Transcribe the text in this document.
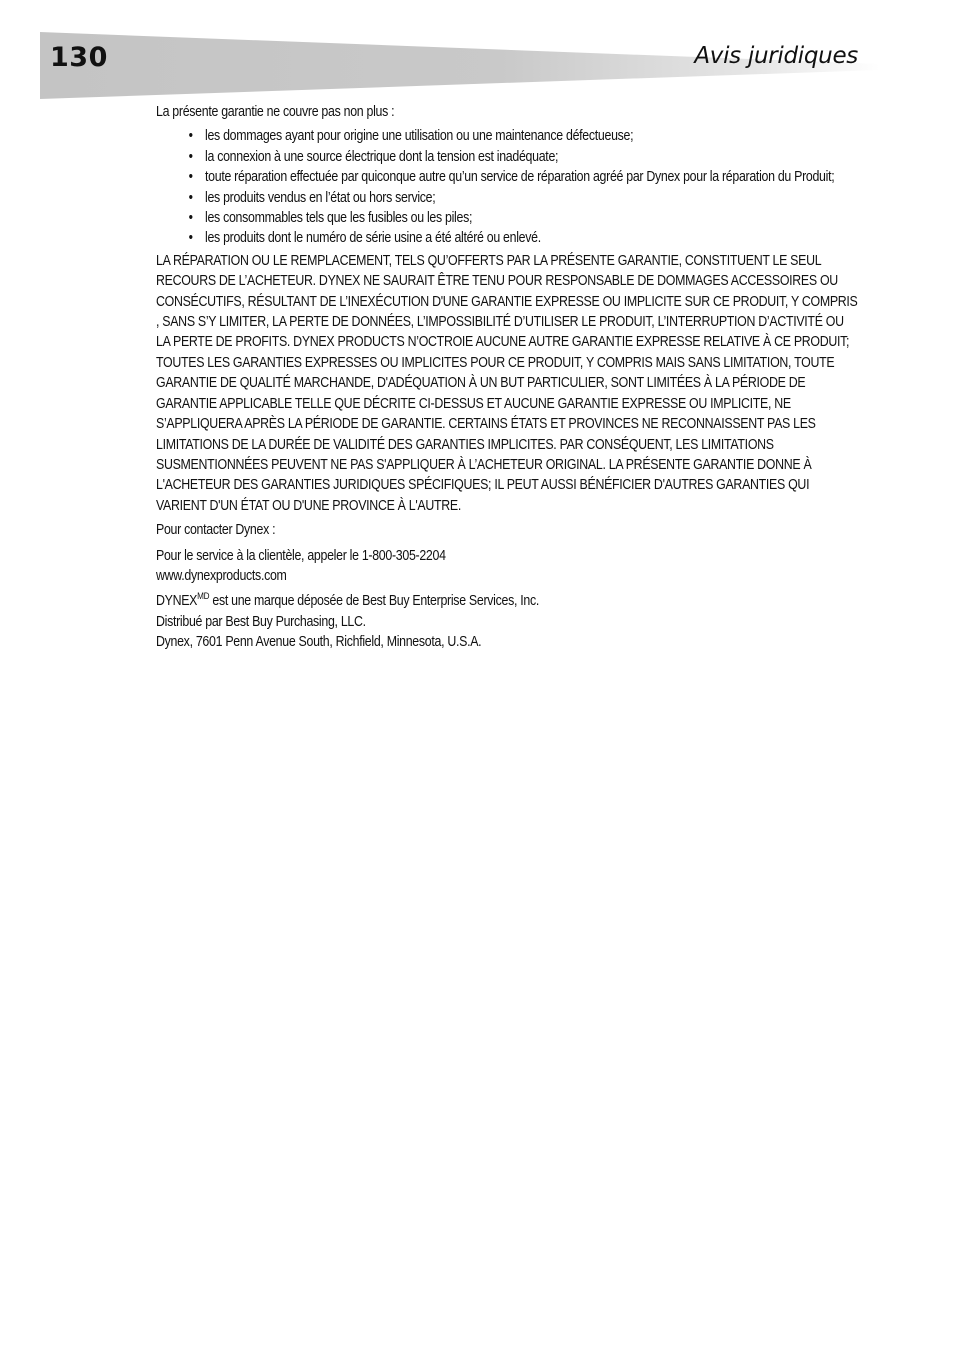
130	Avis juridiques

La présente garantie ne couvre pas non plus :

• les dommages ayant pour origine une utilisation ou une maintenance défectueuse;
• la connexion à une source électrique dont la tension est inadéquate;
• toute réparation effectuée par quiconque autre qu’un service de réparation agréé par Dynex pour la réparation du Produit;
• les produits vendus en l’état ou hors service;
• les consommables tels que les fusibles ou les piles;
• les produits dont le numéro de série usine a été altéré ou enlevé.

LA RÉPARATION OU LE REMPLACEMENT, TELS QU’OFFERTS PAR LA PRÉSENTE GARANTIE, CONSTITUENT LE SEUL RECOURS DE L’ACHETEUR. DYNEX NE SAURAIT ÊTRE TENU POUR RESPONSABLE DE DOMMAGES ACCESSOIRES OU CONSÉCUTIFS, RÉSULTANT DE L’INEXÉCUTION D'UNE GARANTIE EXPRESSE OU IMPLICITE SUR CE PRODUIT, Y COMPRIS , SANS S’Y LIMITER, LA PERTE DE DONNÉES, L’IMPOSSIBILITÉ D’UTILISER LE PRODUIT, L’INTERRUPTION D’ACTIVITÉ OU LA PERTE DE PROFITS. DYNEX PRODUCTS N’OCTROIE AUCUNE AUTRE GARANTIE EXPRESSE RELATIVE À CE PRODUIT; TOUTES LES GARANTIES EXPRESSES OU IMPLICITES POUR CE PRODUIT, Y COMPRIS MAIS SANS LIMITATION, TOUTE GARANTIE DE QUALITÉ MARCHANDE, D'ADÉQUATION À UN BUT PARTICULIER, SONT LIMITÉES À LA PÉRIODE DE GARANTIE APPLICABLE TELLE QUE DÉCRITE CI-DESSUS ET AUCUNE GARANTIE EXPRESSE OU IMPLICITE, NE S’APPLIQUERA APRÈS LA PÉRIODE DE GARANTIE. CERTAINS ÉTATS ET PROVINCES NE RECONNAISSENT PAS LES LIMITATIONS DE LA DURÉE DE VALIDITÉ DES GARANTIES IMPLICITES. PAR CONSÉQUENT, LES LIMITATIONS SUSMENTIONNÉES PEUVENT NE PAS S'APPLIQUER À L’ACHETEUR ORIGINAL. LA PRÉSENTE GARANTIE DONNE À L'ACHETEUR DES GARANTIES JURIDIQUES SPÉCIFIQUES; IL PEUT AUSSI BÉNÉFICIER D'AUTRES GARANTIES QUI VARIENT D'UN ÉTAT OU D'UNE PROVINCE À L'AUTRE.

Pour contacter Dynex :

Pour le service à la clientèle, appeler le 1-800-305-2204

www.dynexproducts.com

$DYNEX^{MD}$ est une marque déposée de Best Buy Enterprise Services, Inc.

Distribué par Best Buy Purchasing, LLC.

Dynex, 7601 Penn Avenue South, Richfield, Minnesota, U.S.A.
